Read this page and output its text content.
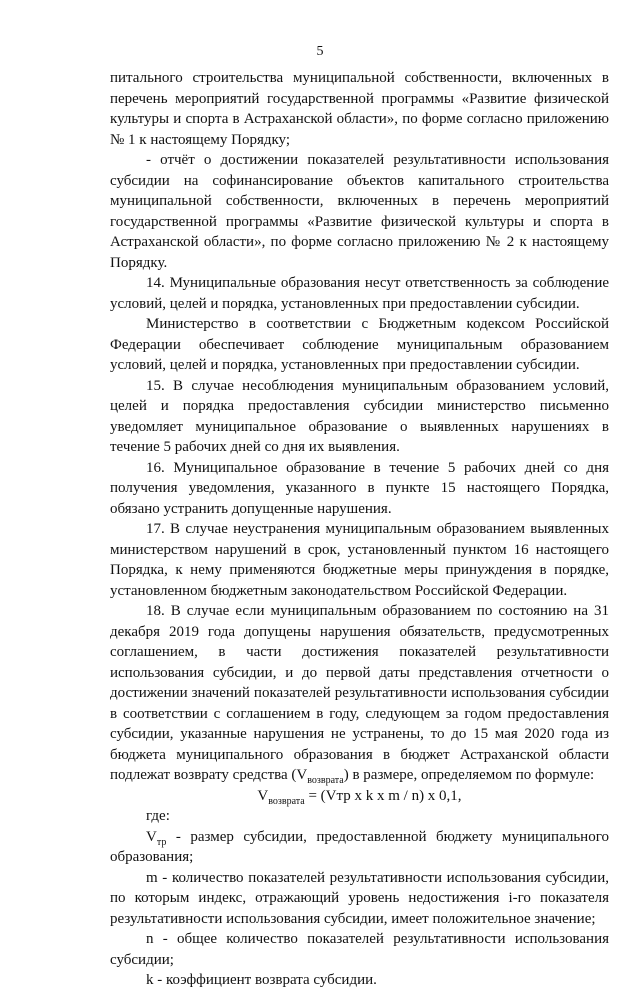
5

питального строительства муниципальной собственности, включенных в перечень мероприятий государственной программы «Развитие физической культуры и спорта в Астраханской области», по форме согласно приложению № 1 к настоящему Порядку;

- отчёт о достижении показателей результативности использования субсидии на софинансирование объектов капитального строительства муниципальной собственности, включенных в перечень мероприятий государственной программы «Развитие физической культуры и спорта в Астраханской области», по форме согласно приложению № 2 к настоящему Порядку.

14. Муниципальные образования несут ответственность за соблюдение условий, целей и порядка, установленных при предоставлении субсидии.

Министерство в соответствии с Бюджетным кодексом Российской Федерации обеспечивает соблюдение муниципальным образованием условий, целей и порядка, установленных при предоставлении субсидии.

15. В случае несоблюдения муниципальным образованием условий, целей и порядка предоставления субсидии министерство письменно уведомляет муниципальное образование о выявленных нарушениях в течение 5 рабочих дней со дня их выявления.

16. Муниципальное образование в течение 5 рабочих дней со дня получения уведомления, указанного в пункте 15 настоящего Порядка, обязано устранить допущенные нарушения.

17. В случае неустранения муниципальным образованием выявленных министерством нарушений в срок, установленный пунктом 16 настоящего Порядка, к нему применяются бюджетные меры принуждения в порядке, установленном бюджетным законодательством Российской Федерации.

18. В случае если муниципальным образованием по состоянию на 31 декабря 2019 года допущены нарушения обязательств, предусмотренных соглашением, в части достижения показателей результативности использования субсидии, и до первой даты представления отчетности о достижении значений показателей результативности использования субсидии в соответствии с соглашением в году, следующем за годом предоставления субсидии, указанные нарушения не устранены, то до 15 мая 2020 года из бюджета муниципального образования в бюджет Астраханской области подлежат возврату средства $(V_{возврата})$ в размере, определяемом по формуле:

$V_{возврата} = (Vтр$ х k х m / n) х 0,1,

где:

$V_{тр}$ - размер субсидии, предоставленной бюджету муниципального образования;

m - количество показателей результативности использования субсидии, по которым индекс, отражающий уровень недостижения i-го показателя результативности использования субсидии, имеет положительное значение;

n - общее количество показателей результативности использования субсидии;

k - коэффициент возврата субсидии.
